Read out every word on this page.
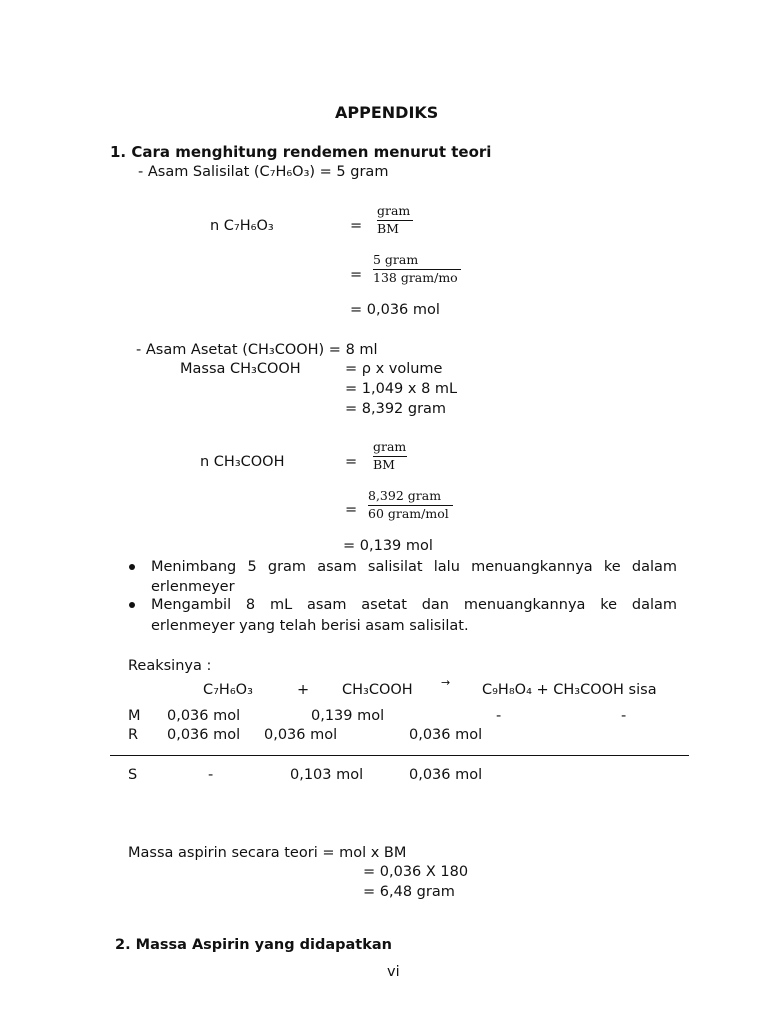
APPENDIKS
1. Cara menghitung rendemen menurut teori
- Asam Salisilat (C₇H₆O₃) = 5 gram
n C₇H₆O₃	=
gram
BM
=
5 gram
138 gram/mo
= 0,036 mol
- Asam Asetat (CH₃COOH) = 8 ml
Massa CH₃COOH	= ρ x volume
= 1,049 x 8 mL
= 8,392 gram
n CH₃COOH	=
gram
BM
=
8,392 gram
60 gram/mol
= 0,139 mol
Menimbang 5 gram asam salisilat lalu menuangkannya ke dalam
erlenmeyer
Mengambil 8 mL asam asetat dan menuangkannya ke dalam
erlenmeyer yang telah berisi asam salisilat.
Reaksinya :
C₇H₆O₃	+ CH₃COOH	→ C₉H₈O₄ + CH₃COOH sisa
M 0,036 mol	0,139 mol	-	-
R 0,036 mol 0,036 mol	0,036 mol
S	-	0,103 mol	0,036 mol
Massa aspirin secara teori = mol x BM
= 0,036 X 180
= 6,48 gram
2. Massa Aspirin yang didapatkan
vi
